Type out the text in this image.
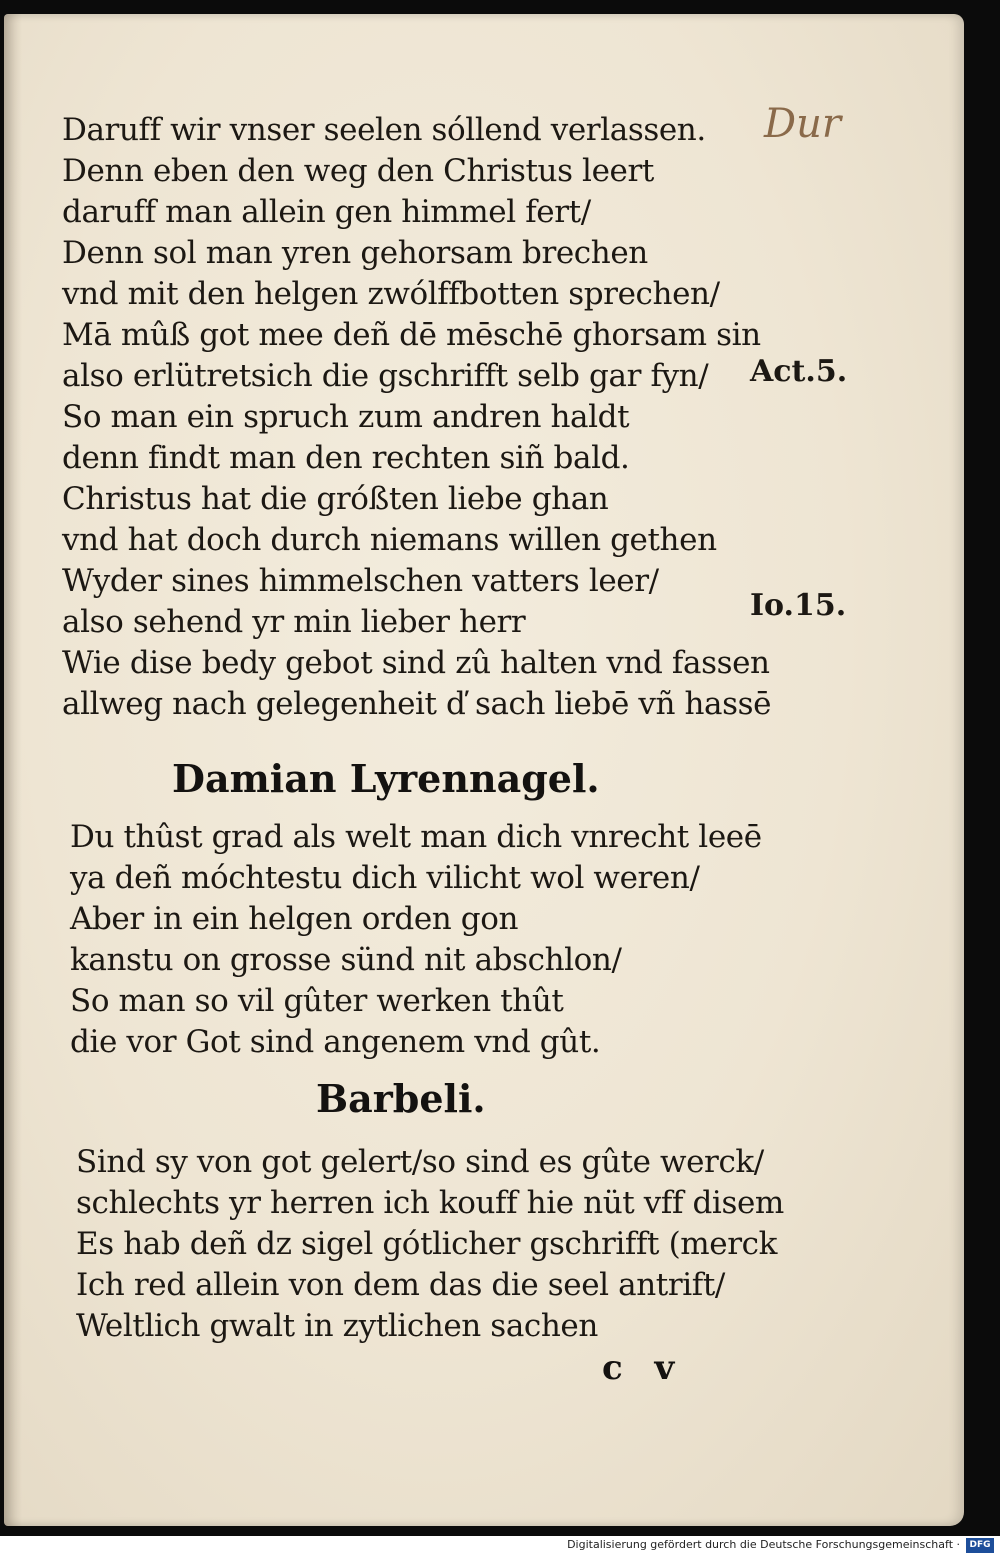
Dur
Daruff wir vnser seelen sóllend verlassen.
Denn eben den weg den Christus leert
daruff man allein gen himmel fert/
Denn sol man yren gehorsam brechen
vnd mit den helgen zwólffbotten sprechen/
Mā mûß got mee deñ dē mēschē ghorsam sin
also erlütretsich die gschrifft selb gar fyn/
So man ein spruch zum andren haldt
denn findt man den rechten siñ bald.
Christus hat die gróßten liebe ghan
vnd hat doch durch niemans willen gethen
Wyder sines himmelschen vatters leer/
also sehend yr min lieber herr
Wie dise bedy gebot sind zû halten vnd fassen
allweg nach gelegenheit ď sach liebē vñ hassē
Act.5.
Io.15.
Damian Lyrennagel.
Du thûst grad als welt man dich vnrecht leeē
ya deñ móchtestu dich vilicht wol weren/
Aber in ein helgen orden gon
kanstu on grosse sünd nit abschlon/
So man so vil gûter werken thût
die vor Got sind angenem vnd gût.
Barbeli.
Sind sy von got gelert/so sind es gûte werck/
schlechts yr herren ich kouff hie nüt vff disem
Es hab deñ dz sigel gótlicher gschrifft (merck
Ich red allein von dem das die seel antrift/
Weltlich gwalt in zytlichen sachen
c v
Digitalisierung gefördert durch die Deutsche Forschungsgemeinschaft ·	DFG
